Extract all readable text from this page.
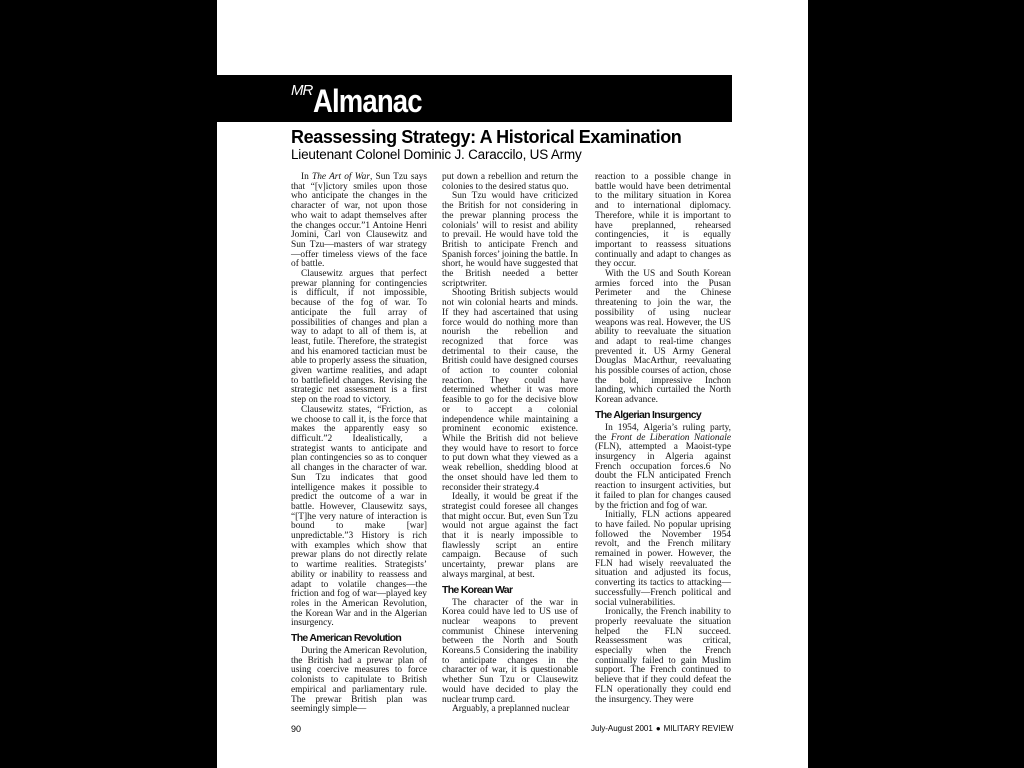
MR Almanac
Reassessing Strategy: A Historical Examination
Lieutenant Colonel Dominic J. Caraccilo, US Army

In The Art of War, Sun Tzu says that “[v]ictory smiles upon those who anticipate the changes in the character of war, not upon those who wait to adapt themselves after the changes occur.”1 Antoine Henri Jomini, Carl von Clausewitz and Sun Tzu—masters of war strategy—offer timeless views of the face of battle.

Clausewitz argues that perfect prewar planning for contingencies is difficult, if not impossible, because of the fog of war. To anticipate the full array of possibilities of changes and plan a way to adapt to all of them is, at least, futile. Therefore, the strategist and his enamored tactician must be able to properly assess the situation, given wartime realities, and adapt to battlefield changes. Revising the strategic net assessment is a first step on the road to victory.

Clausewitz states, “Friction, as we choose to call it, is the force that makes the apparently easy so difficult.”2 Idealistically, a strategist wants to anticipate and plan contingencies so as to conquer all changes in the character of war. Sun Tzu indicates that good intelligence makes it possible to predict the outcome of a war in battle. However, Clausewitz says, “[T]he very nature of interaction is bound to make [war] unpredictable.”3 History is rich with examples which show that prewar plans do not directly relate to wartime realities. Strategists’ ability or inability to reassess and adapt to volatile changes—the friction and fog of war—played key roles in the American Revolution, the Korean War and in the Algerian insurgency.

The American Revolution

During the American Revolution, the British had a prewar plan of using coercive measures to force colonists to capitulate to British empirical and parliamentary rule. The prewar British plan was seemingly simple—

put down a rebellion and return the colonies to the desired status quo.

Sun Tzu would have criticized the British for not considering in the prewar planning process the colonials’ will to resist and ability to prevail. He would have told the British to anticipate French and Spanish forces’ joining the battle. In short, he would have suggested that the British needed a better scriptwriter.

Shooting British subjects would not win colonial hearts and minds. If they had ascertained that using force would do nothing more than nourish the rebellion and recognized that force was detrimental to their cause, the British could have designed courses of action to counter colonial reaction. They could have determined whether it was more feasible to go for the decisive blow or to accept a colonial independence while maintaining a prominent economic existence. While the British did not believe they would have to resort to force to put down what they viewed as a weak rebellion, shedding blood at the onset should have led them to reconsider their strategy.4

Ideally, it would be great if the strategist could foresee all changes that might occur. But, even Sun Tzu would not argue against the fact that it is nearly impossible to flawlessly script an entire campaign. Because of such uncertainty, prewar plans are always marginal, at best.

The Korean War

The character of the war in Korea could have led to US use of nuclear weapons to prevent communist Chinese intervening between the North and South Koreans.5 Considering the inability to anticipate changes in the character of war, it is questionable whether Sun Tzu or Clausewitz would have decided to play the nuclear trump card.

Arguably, a preplanned nuclear

reaction to a possible change in battle would have been detrimental to the military situation in Korea and to international diplomacy. Therefore, while it is important to have preplanned, rehearsed contingencies, it is equally important to reassess situations continually and adapt to changes as they occur.

With the US and South Korean armies forced into the Pusan Perimeter and the Chinese threatening to join the war, the possibility of using nuclear weapons was real. However, the US ability to reevaluate the situation and adapt to real-time changes prevented it. US Army General Douglas MacArthur, reevaluating his possible courses of action, chose the bold, impressive Inchon landing, which curtailed the North Korean advance.

The Algerian Insurgency

In 1954, Algeria’s ruling party, the Front de Liberation Nationale (FLN), attempted a Maoist-type insurgency in Algeria against French occupation forces.6 No doubt the FLN anticipated French reaction to insurgent activities, but it failed to plan for changes caused by the friction and fog of war.

Initially, FLN actions appeared to have failed. No popular uprising followed the November 1954 revolt, and the French military remained in power. However, the FLN had wisely reevaluated the situation and adjusted its focus, converting its tactics to attacking—successfully—French political and social vulnerabilities.

Ironically, the French inability to properly reevaluate the situation helped the FLN succeed. Reassessment was critical, especially when the French continually failed to gain Muslim support. The French continued to believe that if they could defeat the FLN operationally they could end the insurgency. They were

90	July-August 2001 ● MILITARY REVIEW
